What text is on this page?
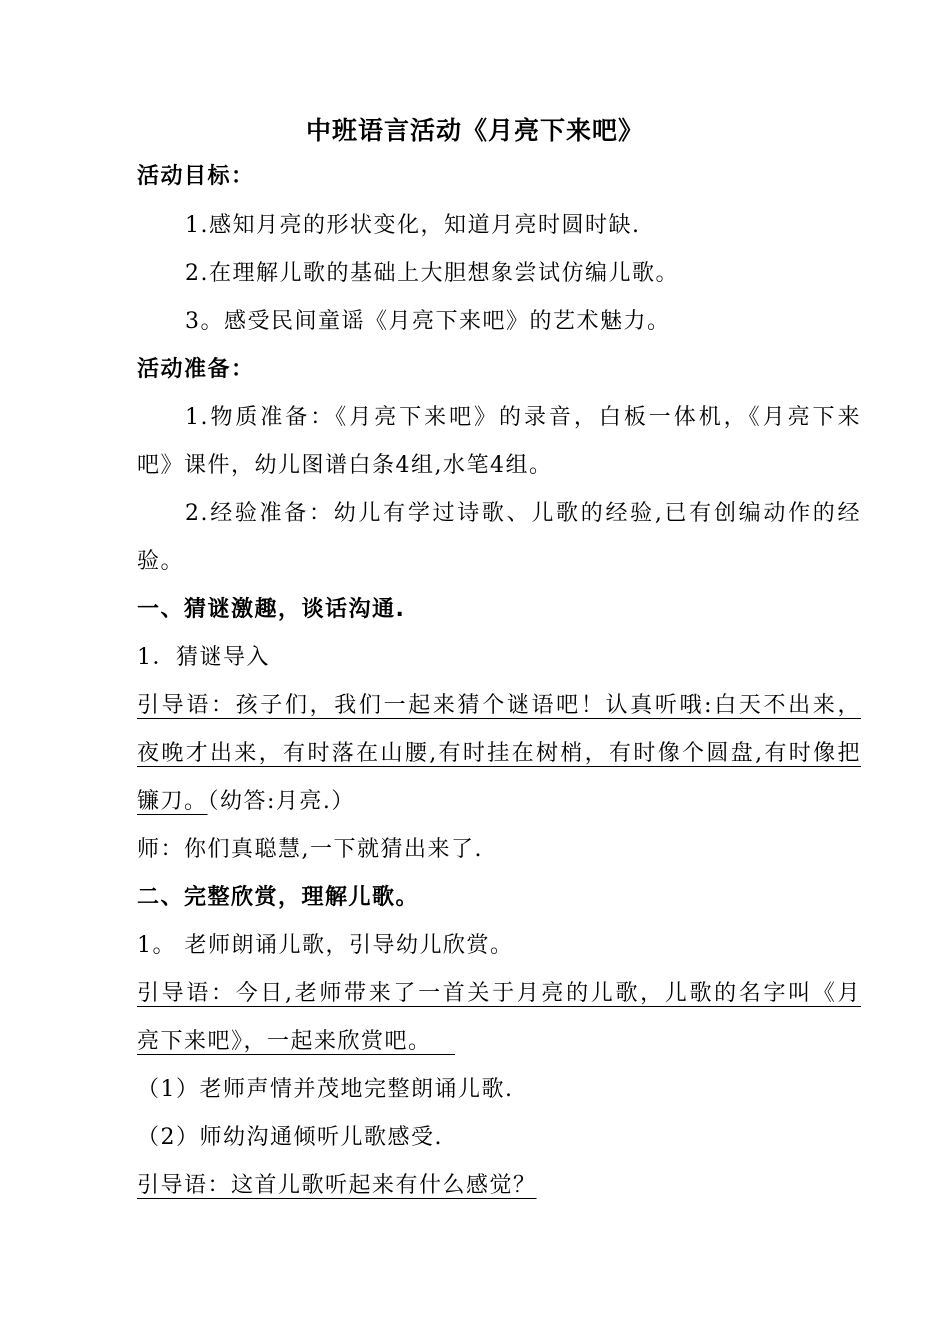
中班语言活动《月亮下来吧》
活动目标：
1.感知月亮的形状变化，知道月亮时圆时缺.
2.在理解儿歌的基础上大胆想象尝试仿编儿歌。
3。感受民间童谣《月亮下来吧》的艺术魅力。
活动准备：
1.物质准备：《月亮下来吧》的录音，白板一体机，《月亮下来
吧》课件，幼儿图谱白条4组,水笔4组。
2.经验准备：幼儿有学过诗歌、儿歌的经验,已有创编动作的经
验。
一、猜谜激趣，谈话沟通.
1．猜谜导入
引导语：孩子们，我们一起来猜个谜语吧！认真听哦:白天不出来，
夜晚才出来，有时落在山腰,有时挂在树梢，有时像个圆盘,有时像把
镰刀。（幼答:月亮.）
师：你们真聪慧,一下就猜出来了.
二、完整欣赏，理解儿歌。
1。 老师朗诵儿歌，引导幼儿欣赏。
引导语：今日,老师带来了一首关于月亮的儿歌，儿歌的名字叫《月
亮下来吧》，一起来欣赏吧。 
（1）老师声情并茂地完整朗诵儿歌.
（2）师幼沟通倾听儿歌感受.
引导语：这首儿歌听起来有什么感觉？
